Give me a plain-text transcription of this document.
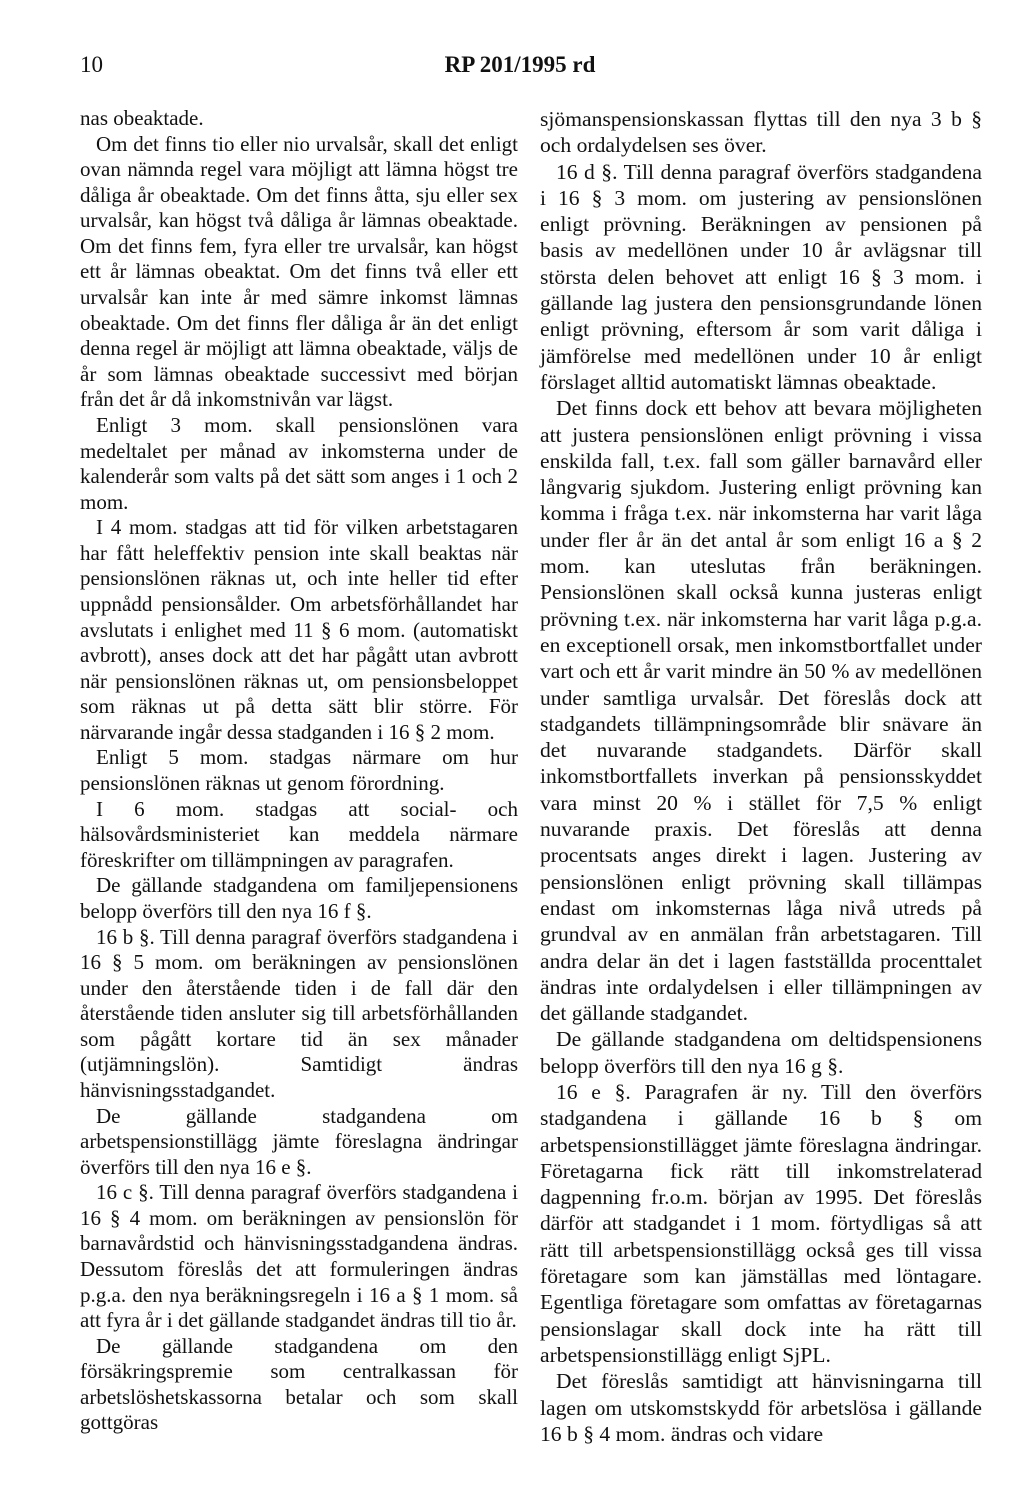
10	RP 201/1995 rd

nas obeaktade.

Om det finns tio eller nio urvalsår, skall det enligt ovan nämnda regel vara möjligt att lämna högst tre dåliga år obeaktade. Om det finns åtta, sju eller sex urvalsår, kan högst två dåliga år lämnas obeaktade. Om det finns fem, fyra eller tre urvalsår, kan högst ett år lämnas obeaktat. Om det finns två eller ett urvalsår kan inte år med sämre inkomst lämnas obeaktade. Om det finns fler dåliga år än det enligt denna regel är möjligt att lämna obeaktade, väljs de år som lämnas obeaktade successivt med början från det år då inkomstnivån var lägst.

Enligt 3 mom. skall pensionslönen vara medeltalet per månad av inkomsterna under de kalenderår som valts på det sätt som anges i 1 och 2 mom.

I 4 mom. stadgas att tid för vilken arbetstagaren har fått heleffektiv pension inte skall beaktas när pensionslönen räknas ut, och inte heller tid efter uppnådd pensionsålder. Om arbetsförhållandet har avslutats i enlighet med 11 § 6 mom. (automatiskt avbrott), anses dock att det har pågått utan avbrott när pensionslönen räknas ut, om pensionsbeloppet som räknas ut på detta sätt blir större. För närvarande ingår dessa stadganden i 16 § 2 mom.

Enligt 5 mom. stadgas närmare om hur pensionslönen räknas ut genom förordning.

I 6 mom. stadgas att social- och hälsovårdsministeriet kan meddela närmare föreskrifter om tillämpningen av paragrafen.

De gällande stadgandena om familjepensionens belopp överförs till den nya 16 f §.

16 b §. Till denna paragraf överförs stadgandena i 16 § 5 mom. om beräkningen av pensionslönen under den återstående tiden i de fall där den återstående tiden ansluter sig till arbetsförhållanden som pågått kortare tid än sex månader (utjämningslön). Samtidigt ändras hänvisningsstadgandet.

De gällande stadgandena om arbetspensionstillägg jämte föreslagna ändringar överförs till den nya 16 e §.

16 c §. Till denna paragraf överförs stadgandena i 16 § 4 mom. om beräkningen av pensionslön för barnavårdstid och hänvisningsstadgandena ändras. Dessutom föreslås det att formuleringen ändras p.g.a. den nya beräkningsregeln i 16 a § 1 mom. så att fyra år i det gällande stadgandet ändras till tio år.

De gällande stadgandena om den försäkringspremie som centralkassan för arbetslöshetskassorna betalar och som skall gottgöras

sjömanspensionskassan flyttas till den nya 3 b § och ordalydelsen ses över.

16 d §. Till denna paragraf överförs stadgandena i 16 § 3 mom. om justering av pensionslönen enligt prövning. Beräkningen av pensionen på basis av medellönen under 10 år avlägsnar till största delen behovet att enligt 16 § 3 mom. i gällande lag justera den pensionsgrundande lönen enligt prövning, eftersom år som varit dåliga i jämförelse med medellönen under 10 år enligt förslaget alltid automatiskt lämnas obeaktade.

Det finns dock ett behov att bevara möjligheten att justera pensionslönen enligt prövning i vissa enskilda fall, t.ex. fall som gäller barnavård eller långvarig sjukdom. Justering enligt prövning kan komma i fråga t.ex. när inkomsterna har varit låga under fler år än det antal år som enligt 16 a § 2 mom. kan uteslutas från beräkningen. Pensionslönen skall också kunna justeras enligt prövning t.ex. när inkomsterna har varit låga p.g.a. en exceptionell orsak, men inkomstbortfallet under vart och ett år varit mindre än 50 % av medellönen under samtliga urvalsår. Det föreslås dock att stadgandets tillämpningsområde blir snävare än det nuvarande stadgandets. Därför skall inkomstbortfallets inverkan på pensionsskyddet vara minst 20 % i stället för 7,5 % enligt nuvarande praxis. Det föreslås att denna procentsats anges direkt i lagen. Justering av pensionslönen enligt prövning skall tillämpas endast om inkomsternas låga nivå utreds på grundval av en anmälan från arbetstagaren. Till andra delar än det i lagen fastställda procenttalet ändras inte ordalydelsen i eller tillämpningen av det gällande stadgandet.

De gällande stadgandena om deltidspensionens belopp överförs till den nya 16 g §.

16 e §. Paragrafen är ny. Till den överförs stadgandena i gällande 16 b § om arbetspensionstillägget jämte föreslagna ändringar. Företagarna fick rätt till inkomstrelaterad dagpenning fr.o.m. början av 1995. Det föreslås därför att stadgandet i 1 mom. förtydligas så att rätt till arbetspensionstillägg också ges till vissa företagare som kan jämställas med löntagare. Egentliga företagare som omfattas av företagarnas pensionslagar skall dock inte ha rätt till arbetspensionstillägg enligt SjPL.

Det föreslås samtidigt att hänvisningarna till lagen om utskomstskydd för arbetslösa i gällande 16 b § 4 mom. ändras och vidare
